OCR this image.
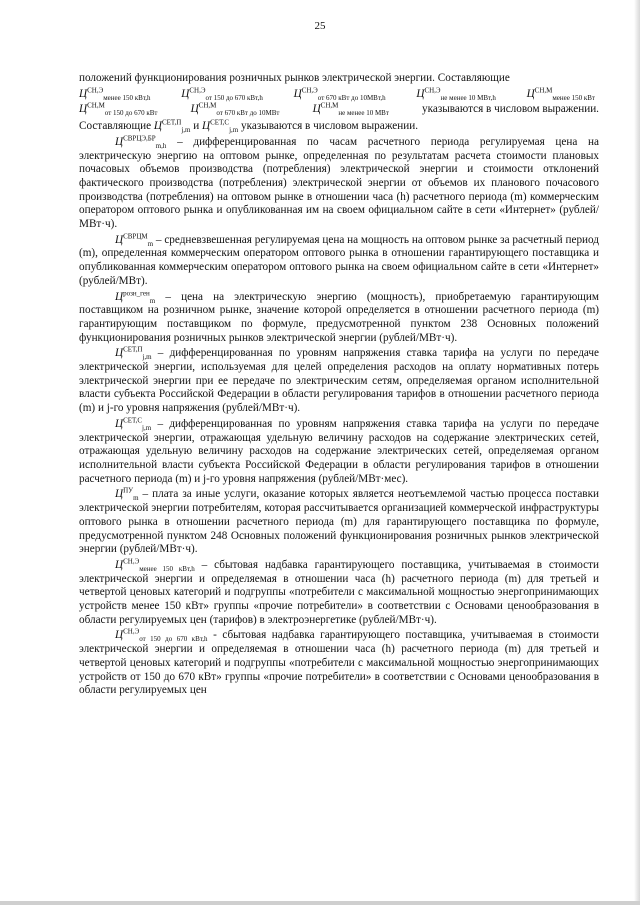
25

положений функционирования розничных рынков электрической энергии. Составляющие

$Ц^{СН,Э}_{менее 150 кВт,h}$	$Ц^{СН,Э}_{от 150 до 670 кВт,h}$	$Ц^{СН,Э}_{от 670 кВт до 10МВт,h}$	$Ц^{СН,Э}_{не менее 10 МВт,h}$	$Ц^{СН,М}_{менее 150 кВт}$
$Ц^{СН,М}_{от 150 до 670 кВт}$	$Ц^{СН,М}_{от 670 кВт до 10МВт}$	$Ц^{СН,М}_{не менее 10 МВт}$	указываются в числовом выражении.

Составляющие $Ц^{СЕТ,П}_{j,m}$ и $Ц^{СЕТ,С}_{j,m}$ указываются в числовом выражении.

$Ц^{СВРЦЭ,БР}_{m,h}$ – дифференцированная по часам расчетного периода регулируемая цена на электрическую энергию на оптовом рынке, определенная по результатам расчета стоимости плановых почасовых объемов производства (потребления) электрической энергии и стоимости отклонений фактического производства (потребления) электрической энергии от объемов их планового почасового производства (потребления) на оптовом рынке в отношении часа (h) расчетного периода (m) коммерческим оператором оптового рынка и опубликованная им на своем официальном сайте в сети «Интернет» (рублей/МВт·ч).

$Ц^{СВРЦМ}_m$ – средневзвешенная регулируемая цена на мощность на оптовом рынке за расчетный период (m), определенная коммерческим оператором оптового рынка в отношении гарантирующего поставщика и опубликованная коммерческим оператором оптового рынка на своем официальном сайте в сети «Интернет» (рублей/МВт).

$Ц^{розн\_ген}_m$ – цена на электрическую энергию (мощность), приобретаемую гарантирующим поставщиком на розничном рынке, значение которой определяется в отношении расчетного периода (m) гарантирующим поставщиком по формуле, предусмотренной пунктом 238 Основных положений функционирования розничных рынков электрической энергии (рублей/МВт·ч).

$Ц^{СЕТ,П}_{j,m}$ – дифференцированная по уровням напряжения ставка тарифа на услуги по передаче электрической энергии, используемая для целей определения расходов на оплату нормативных потерь электрической энергии при ее передаче по электрическим сетям, определяемая органом исполнительной власти субъекта Российской Федерации в области регулирования тарифов в отношении расчетного периода (m) и j-го уровня напряжения (рублей/МВт·ч).

$Ц^{СЕТ,С}_{j,m}$ – дифференцированная по уровням напряжения ставка тарифа на услуги по передаче электрической энергии, отражающая удельную величину расходов на содержание электрических сетей, отражающая удельную величину расходов на содержание электрических сетей, определяемая органом исполнительной власти субъекта Российской Федерации в области регулирования тарифов в отношении расчетного периода (m) и j-го уровня напряжения (рублей/МВт·мес).

$Ц^{ПУ}_m$ – плата за иные услуги, оказание которых является неотъемлемой частью процесса поставки электрической энергии потребителям, которая рассчитывается организацией коммерческой инфраструктуры оптового рынка в отношении расчетного периода (m) для гарантирующего поставщика по формуле, предусмотренной пунктом 248 Основных положений функционирования розничных рынков электрической энергии (рублей/МВт·ч).

$Ц^{СН,Э}_{менее 150 кВт,h}$ – сбытовая надбавка гарантирующего поставщика, учитываемая в стоимости электрической энергии и определяемая в отношении часа (h) расчетного периода (m) для третьей и четвертой ценовых категорий и подгруппы «потребители с максимальной мощностью энергопринимающих устройств менее 150 кВт» группы «прочие потребители» в соответствии с Основами ценообразования в области регулируемых цен (тарифов) в электроэнергетике (рублей/МВт·ч).

$Ц^{СН,Э}_{от 150 до 670 кВт,h}$ - сбытовая надбавка гарантирующего поставщика, учитываемая в стоимости электрической энергии и определяемая в отношении часа (h) расчетного периода (m) для третьей и четвертой ценовых категорий и подгруппы «потребители с максимальной мощностью энергопринимающих устройств от 150 до 670 кВт» группы «прочие потребители» в соответствии с Основами ценообразования в области регулируемых цен
